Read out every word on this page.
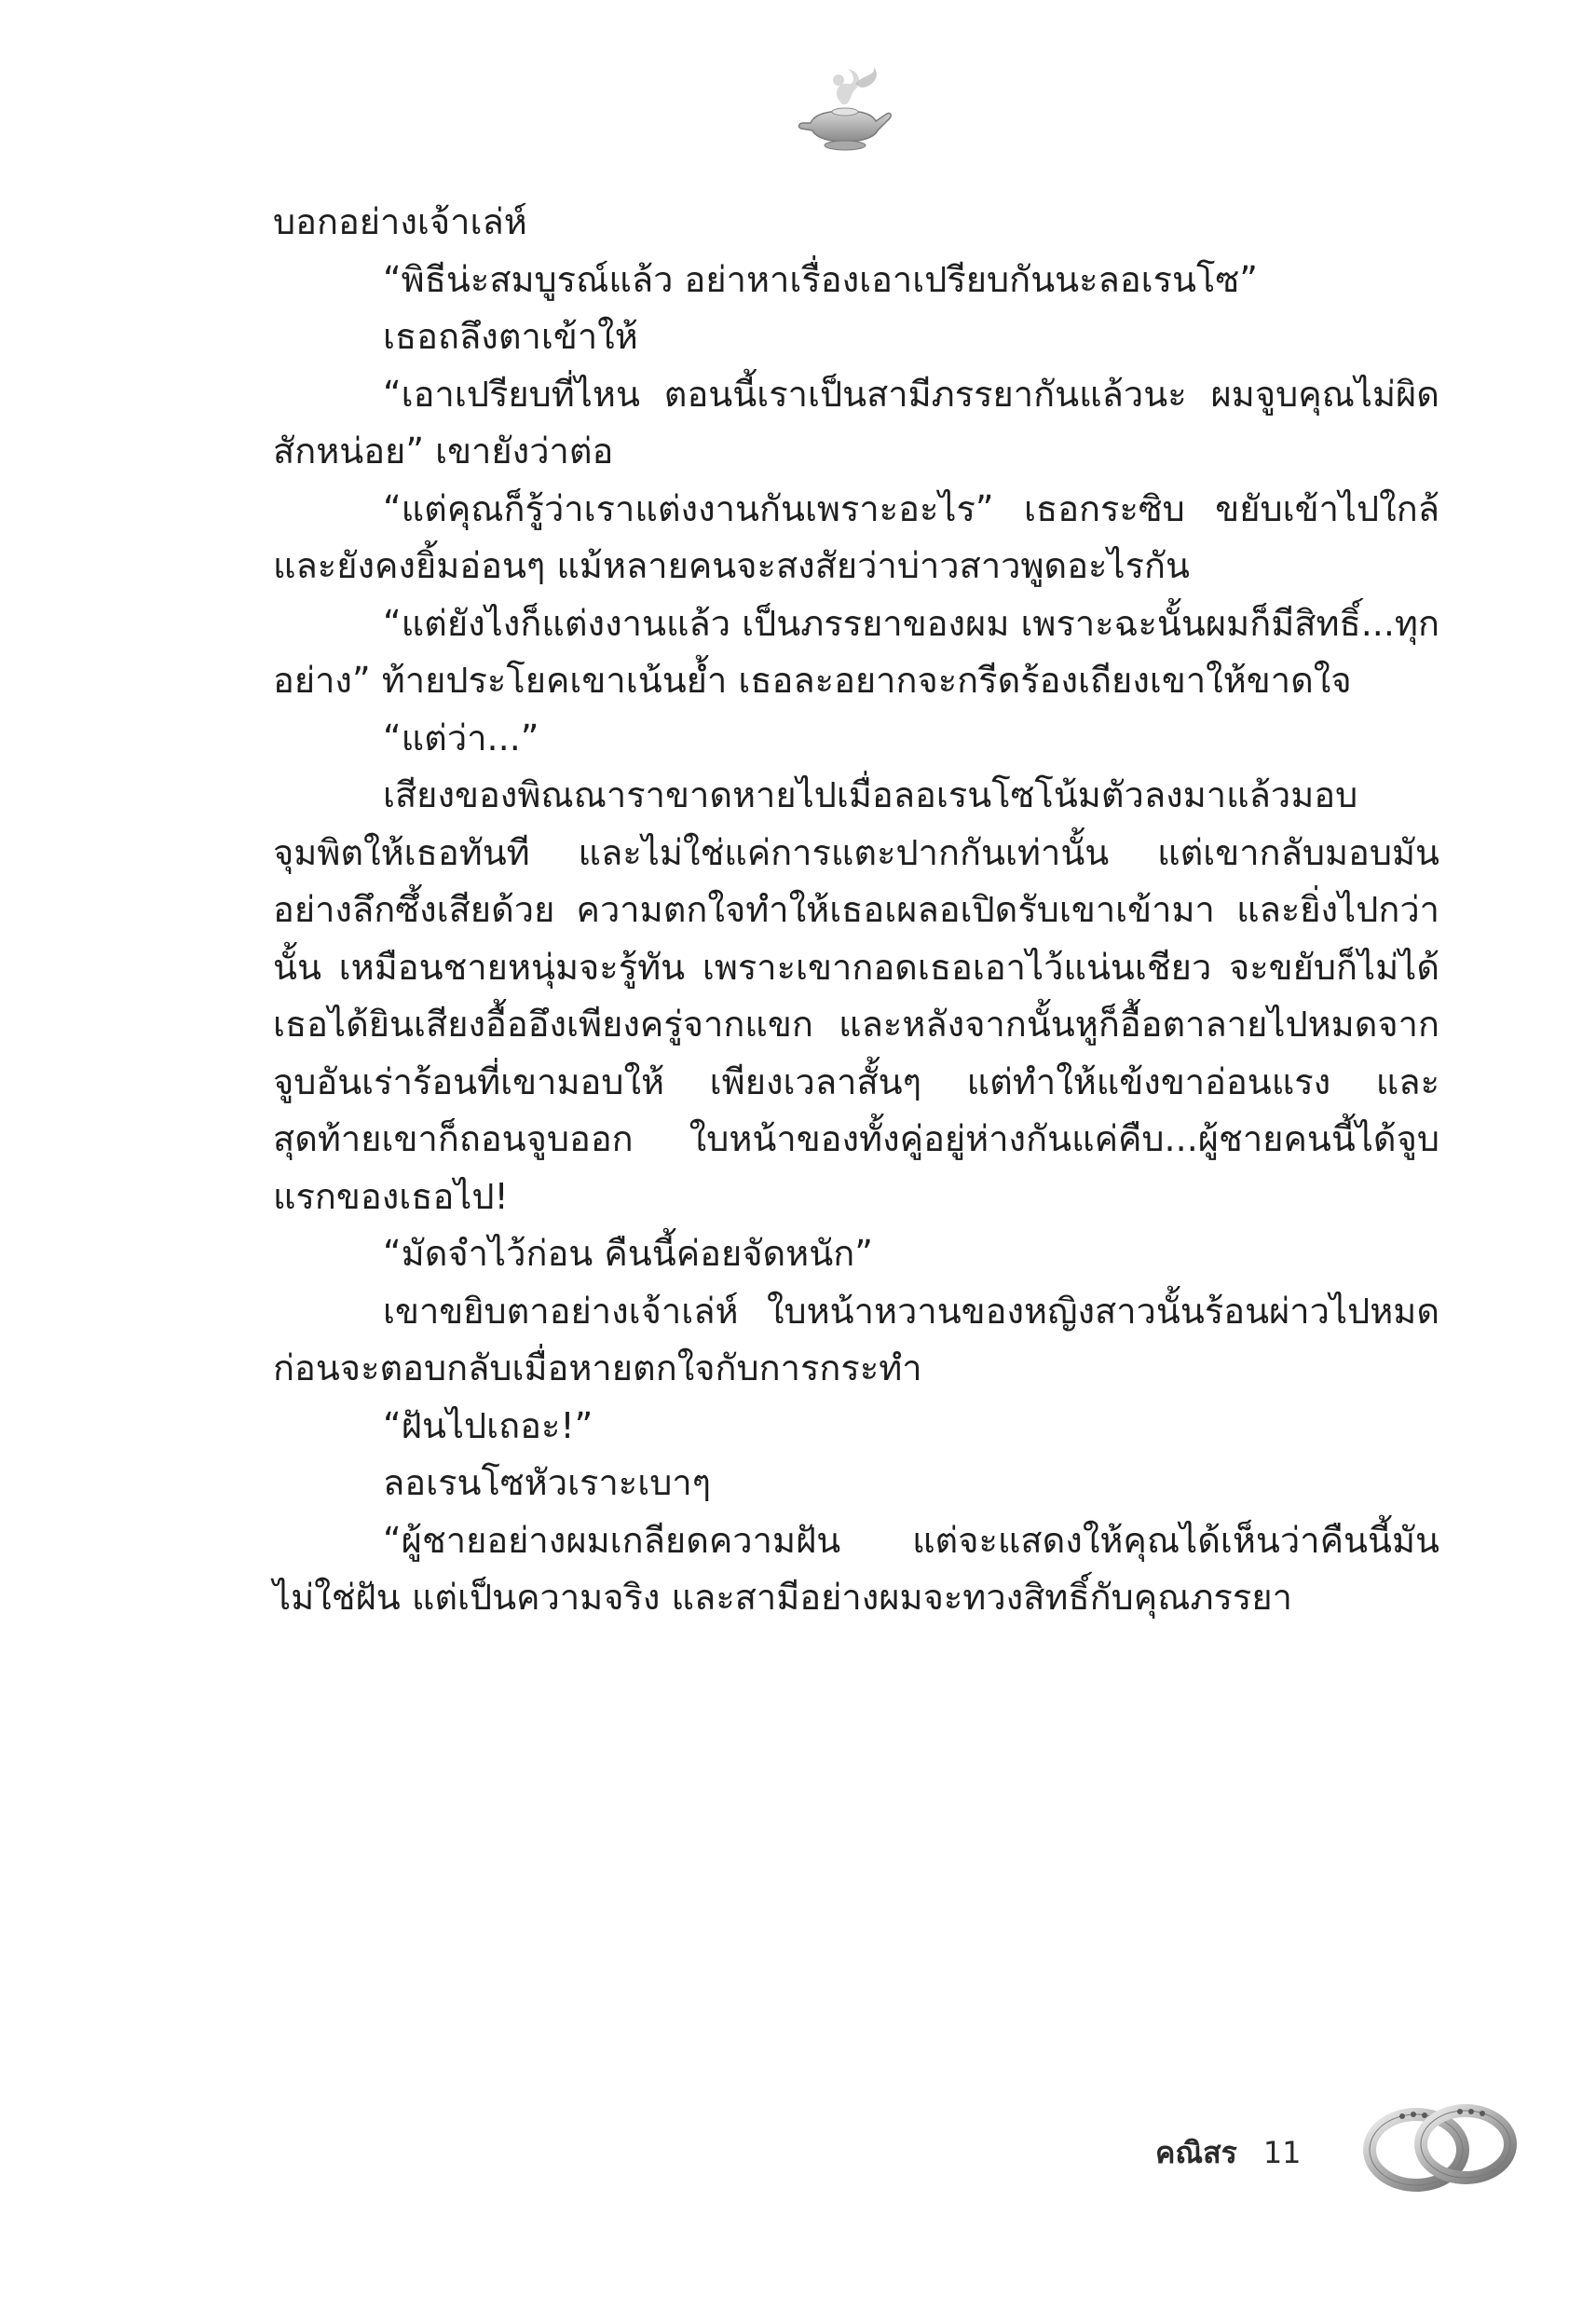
บอกอย่างเจ้าเล่ห์

“พิธีน่ะสมบูรณ์แล้ว อย่าหาเรื่องเอาเปรียบกันนะลอเรนโซ”

เธอถลึงตาเข้าให้

“เอาเปรียบที่ไหน ตอนนี้เราเป็นสามีภรรยากันแล้วนะ ผมจูบคุณไม่ผิดสักหน่อย” เขายังว่าต่อ

“แต่คุณก็รู้ว่าเราแต่งงานกันเพราะอะไร” เธอกระซิบ ขยับเข้าไปใกล้และยังคงยิ้มอ่อนๆ แม้หลายคนจะสงสัยว่าบ่าวสาวพูดอะไรกัน

“แต่ยังไงก็แต่งงานแล้ว เป็นภรรยาของผม เพราะฉะนั้นผมก็มีสิทธิ์...ทุกอย่าง” ท้ายประโยคเขาเน้นย้ำ เธอละอยากจะกรีดร้องเถียงเขาให้ขาดใจ

“แต่ว่า...”

เสียงของพิณณาราขาดหายไปเมื่อลอเรนโซโน้มตัวลงมาแล้วมอบจุมพิตให้เธอทันที และไม่ใช่แค่การแตะปากกันเท่านั้น แต่เขากลับมอบมันอย่างลึกซึ้งเสียด้วย ความตกใจทำให้เธอเผลอเปิดรับเขาเข้ามา และยิ่งไปกว่านั้น เหมือนชายหนุ่มจะรู้ทัน เพราะเขากอดเธอเอาไว้แน่นเชียว จะขยับก็ไม่ได้ เธอได้ยินเสียงอื้ออึงเพียงครู่จากแขก และหลังจากนั้นหูก็อื้อตาลายไปหมดจากจูบอันเร่าร้อนที่เขามอบให้ เพียงเวลาสั้นๆ แต่ทำให้แข้งขาอ่อนแรง และสุดท้ายเขาก็ถอนจูบออก ใบหน้าของทั้งคู่อยู่ห่างกันแค่คืบ...ผู้ชายคนนี้ได้จูบแรกของเธอไป!

“มัดจำไว้ก่อน คืนนี้ค่อยจัดหนัก”

เขาขยิบตาอย่างเจ้าเล่ห์ ใบหน้าหวานของหญิงสาวนั้นร้อนผ่าวไปหมด ก่อนจะตอบกลับเมื่อหายตกใจกับการกระทำ

“ฝันไปเถอะ!”

ลอเรนโซหัวเราะเบาๆ

“ผู้ชายอย่างผมเกลียดความฝัน แต่จะแสดงให้คุณได้เห็นว่าคืนนี้มันไม่ใช่ฝัน แต่เป็นความจริง และสามีอย่างผมจะทวงสิทธิ์กับคุณภรรยา

คณิสร 11
